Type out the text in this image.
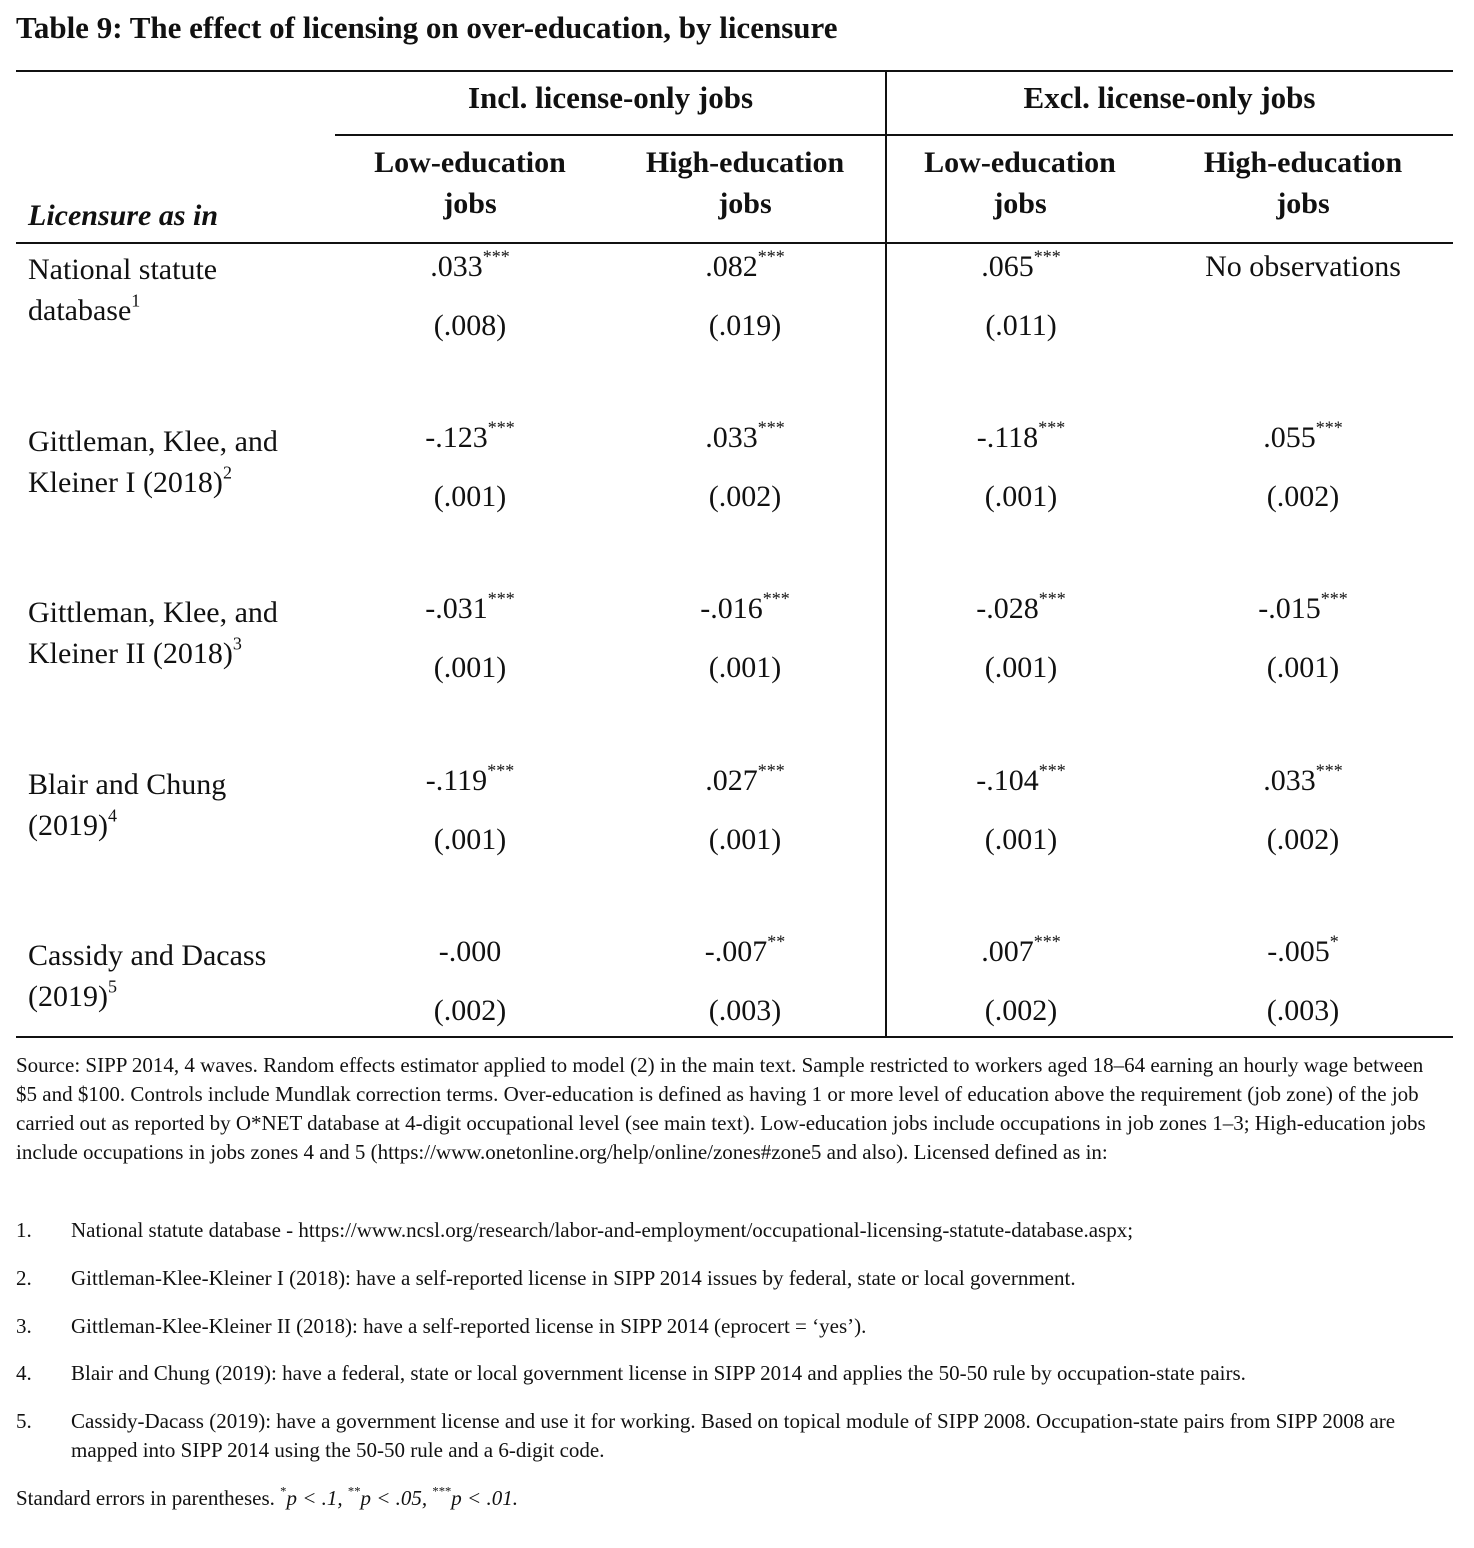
Table 9: The effect of licensing on over-education, by licensure
Incl. license-only jobs	Excl. license-only jobs
Low-education jobs
High-education jobs
Low-education jobs
High-education jobs
Licensure as in
National statute database$^1$
Gittleman, Klee, and Kleiner I $(2018)^2$
Gittleman, Klee, and Kleiner II $(2018)^3$
Blair and Chung $(2019)^4$
Cassidy and Dacass $(2019)^5$
.033***
(.008)
.082***
(.019)
.065***
(.011)
No observations
-.123***
(.001)
.033***
(.002)
-.118***
(.001)
.055***
(.002)
-.031***
(.001)
-.016***
(.001)
-.028***
(.001)
-.015***
(.001)
-.119***
(.001)
.027***
(.001)
-.104***
(.001)
.033***
(.002)
-.000
(.002)
-.007**
(.003)
.007***
(.002)
-.005*
(.003)
Source: SIPP 2014, 4 waves. Random effects estimator applied to model (2) in the main text. Sample restricted to workers aged 18–64 earning an hourly wage between $5 and $100. Controls include Mundlak correction terms. Over-education is defined as having 1 or more level of education above the requirement (job zone) of the job carried out as reported by O*NET database at 4-digit occupational level (see main text). Low-education jobs include occupations in job zones 1–3; High-education jobs include occupations in jobs zones 4 and 5 (https://www.onetonline.org/help/online/zones#zone5 and also). Licensed defined as in:
1. National statute database - https://www.ncsl.org/research/labor-and-employment/occupational-licensing-statute-database.aspx;
2. Gittleman-Klee-Kleiner I (2018): have a self-reported license in SIPP 2014 issues by federal, state or local government.
3. Gittleman-Klee-Kleiner II (2018): have a self-reported license in SIPP 2014 (eprocert = ‘yes’).
4. Blair and Chung (2019): have a federal, state or local government license in SIPP 2014 and applies the 50-50 rule by occupation-state pairs.
5. Cassidy-Dacass (2019): have a government license and use it for working. Based on topical module of SIPP 2008. Occupation-state pairs from SIPP 2008 are mapped into SIPP 2014 using the 50-50 rule and a 6-digit code.
Standard errors in parentheses. *p < .1, **p < .05, ***p < .01.
